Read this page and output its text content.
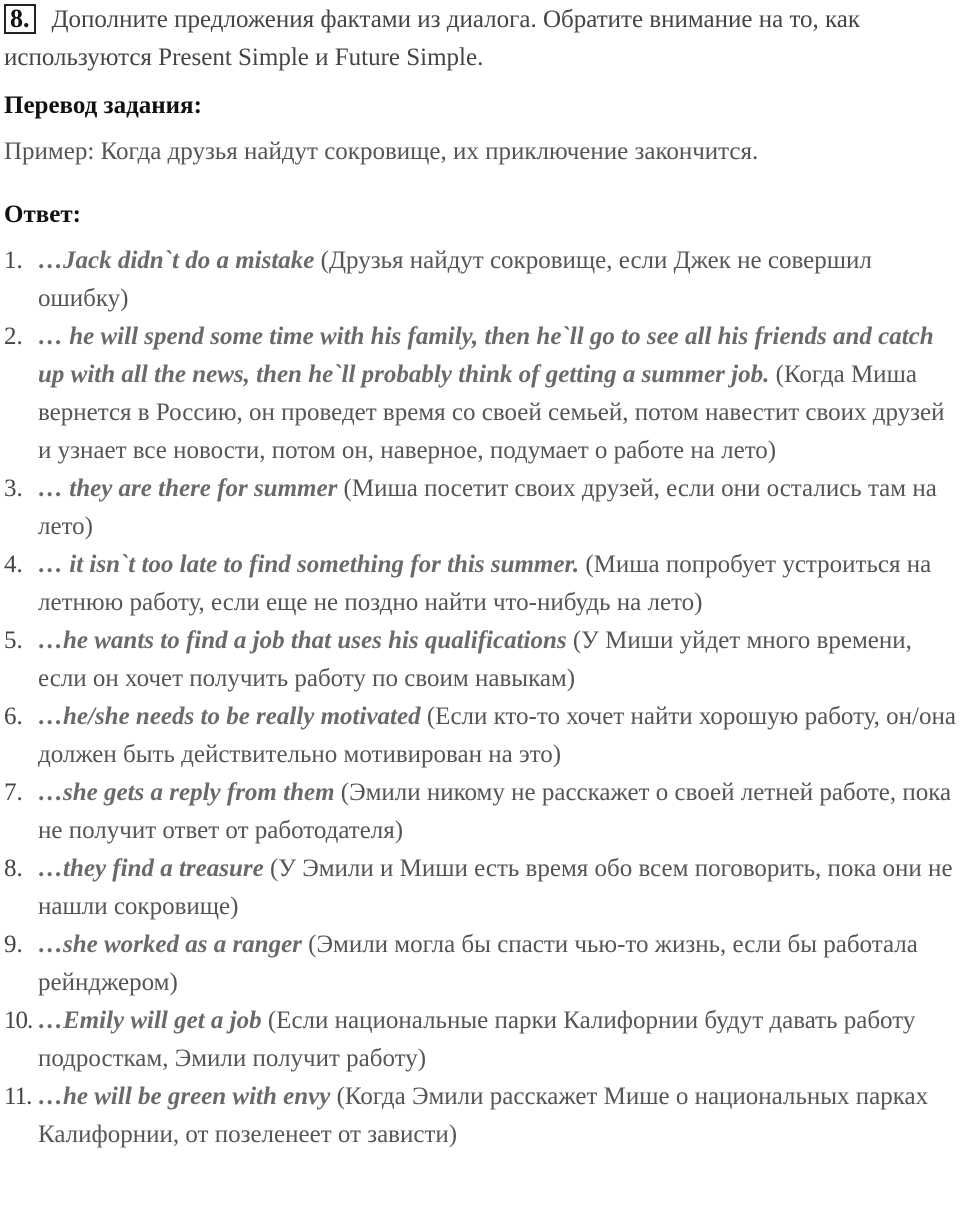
8. Дополните предложения фактами из диалога. Обратите внимание на то, как используются Present Simple и Future Simple.

Перевод задания:

Пример: Когда друзья найдут сокровище, их приключение закончится.

Ответ:

1. …Jack didn`t do a mistake (Друзья найдут сокровище, если Джек не совершил ошибку)
2. … he will spend some time with his family, then he`ll go to see all his friends and catch up with all the news, then he`ll probably think of getting a summer job. (Когда Миша вернется в Россию, он проведет время со своей семьей, потом навестит своих друзей и узнает все новости, потом он, наверное, подумает о работе на лето)
3. … they are there for summer (Миша посетит своих друзей, если они остались там на лето)
4. … it isn`t too late to find something for this summer. (Миша попробует устроиться на летнюю работу, если еще не поздно найти что-нибудь на лето)
5. …he wants to find a job that uses his qualifications (У Миши уйдет много времени, если он хочет получить работу по своим навыкам)
6. …he/she needs to be really motivated (Если кто-то хочет найти хорошую работу, он/она должен быть действительно мотивирован на это)
7. …she gets a reply from them (Эмили никому не расскажет о своей летней работе, пока не получит ответ от работодателя)
8. …they find a treasure (У Эмили и Миши есть время обо всем поговорить, пока они не нашли сокровище)
9. …she worked as a ranger (Эмили могла бы спасти чью-то жизнь, если бы работала рейнджером)
10. …Emily will get a job (Если национальные парки Калифорнии будут давать работу подросткам, Эмили получит работу)
11. …he will be green with envy (Когда Эмили расскажет Мише о национальных парках Калифорнии, от позеленеет от зависти)
